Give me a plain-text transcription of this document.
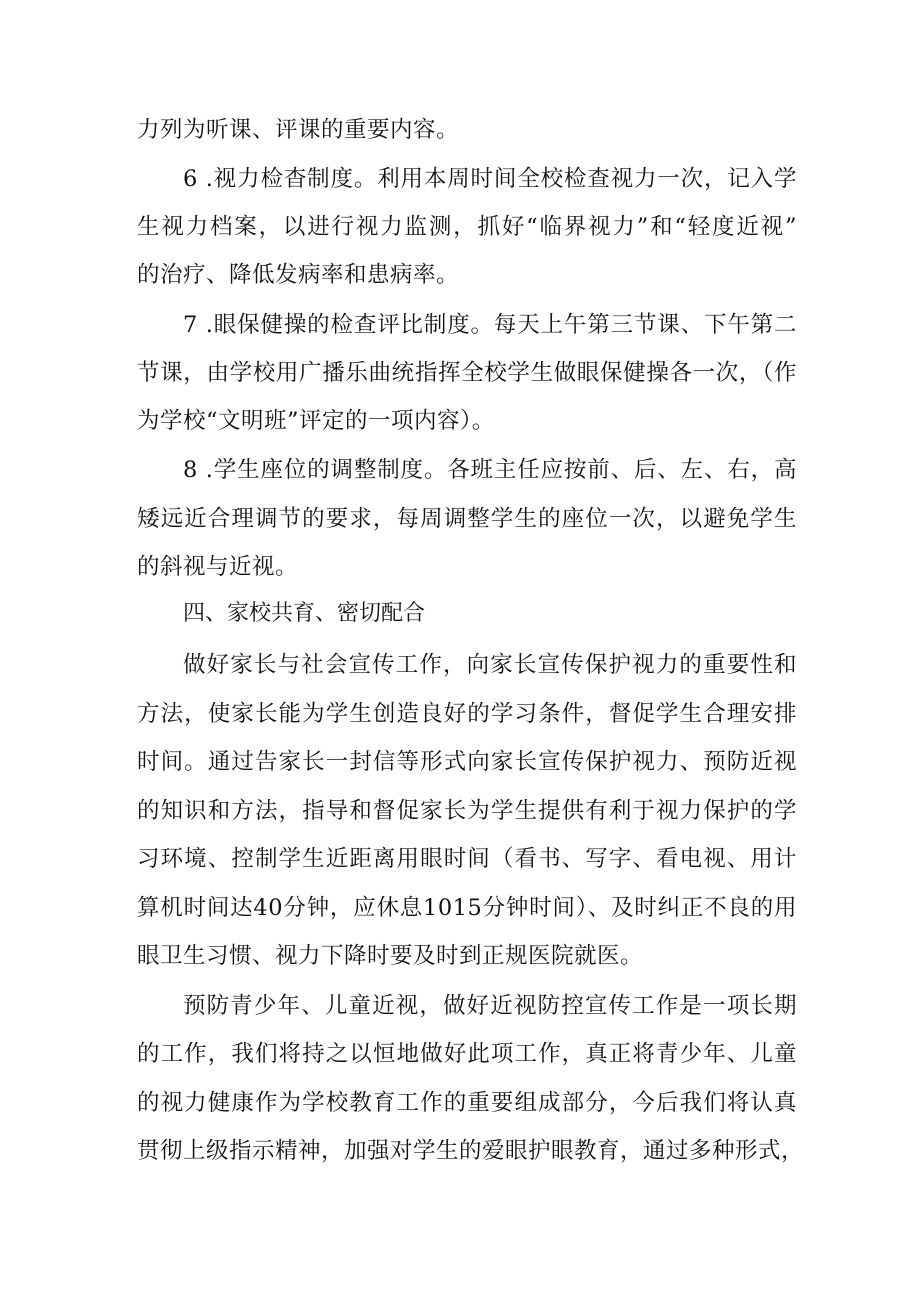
力列为听课、评课的重要内容。
6 .视力检杳制度。利用本周时间全校检查视力一次，记入学
生视力档案，以进行视力监测，抓好“临界视力”和“轻度近视”
的治疗、降低发病率和患病率。
7 .眼保健操的检查评比制度。每天上午第三节课、下午第二
节课，由学校用广播乐曲统指挥全校学生做眼保健操各一次，（作
为学校“文明班”评定的一项内容）。
8 .学生座位的调整制度。各班主任应按前、后、左、右，高
矮远近合理调节的要求，每周调整学生的座位一次，以避免学生
的斜视与近视。
四、家校共育、密切配合
做好家长与社会宣传工作，向家长宣传保护视力的重要性和
方法，使家长能为学生创造良好的学习条件，督促学生合理安排
时间。通过告家长一封信等形式向家长宣传保护视力、预防近视
的知识和方法，指导和督促家长为学生提供有利于视力保护的学
习环境、控制学生近距离用眼时间（看书、写字、看电视、用计
算机时间达40分钟，应休息1015分钟时间）、及时纠正不良的用
眼卫生习惯、视力下降时要及时到正规医院就医。
预防青少年、儿童近视，做好近视防控宣传工作是一项长期
的工作，我们将持之以恒地做好此项工作，真正将青少年、儿童
的视力健康作为学校教育工作的重要组成部分，今后我们将认真
贯彻上级指示精神，加强对学生的爱眼护眼教育，通过多种形式，
